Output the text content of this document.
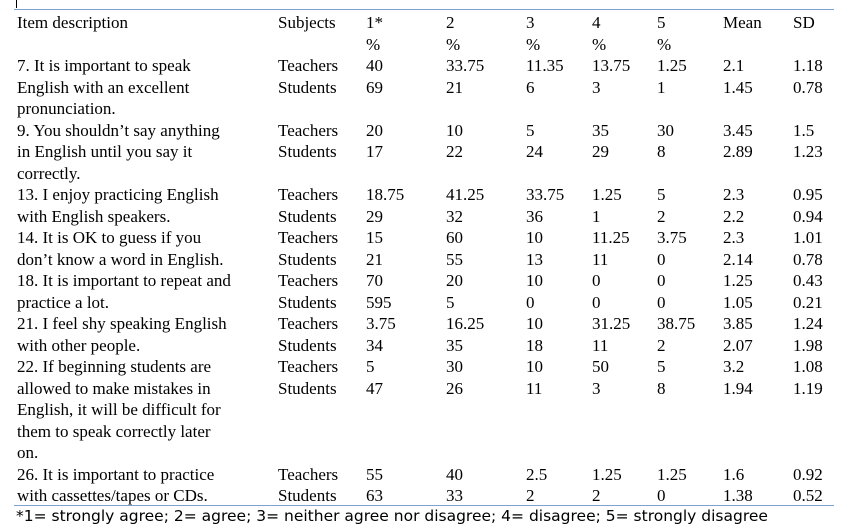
Item description	Subjects 1*
%
2
%
3
%
4
%
5
%
Mean SD
7. It is important to speak
English with an excellent
pronunciation.
Teachers
Students
40
69
33.75
21
11.35
6
13.75
3
1.25
1
2.1
1.45
1.18
0.78
9. You shouldn’t say anything
in English until you say it
correctly.
Teachers
Students
20
17
10
22
5
24
35
29
30
8
3.45
2.89
1.5
1.23
13. I enjoy practicing English
with English speakers.
Teachers
Students
18.75
29
41.25
32
33.75
36
1.25
1
5
2
2.3
2.2
0.95
0.94
14. It is OK to guess if you
don’t know a word in English.
Teachers
Students
15
21
60
55
10
13
11.25
11
3.75
0
2.3
2.14
1.01
0.78
18. It is important to repeat and
practice a lot.
Teachers
Students
70
595
20
5
10
0
0
0
0
0
1.25
1.05
0.43
0.21
21. I feel shy speaking English
with other people.
Teachers
Students
3.75
34
16.25
35
10
18
31.25
11
38.75
2
3.85
2.07
1.24
1.98
22. If beginning students are
allowed to make mistakes in
English, it will be difficult for
them to speak correctly later
on.
Teachers
Students
5
47
30
26
10
11
50
3
5
8
3.2
1.94
1.08
1.19
26. It is important to practice
with cassettes/tapes or CDs.
Teachers
Students
55
63
40
33
2.5
2
1.25
2
1.25
0
1.6
1.38
0.92
0.52
*1= strongly agree; 2= agree; 3= neither agree nor disagree; 4= disagree; 5= strongly disagree
